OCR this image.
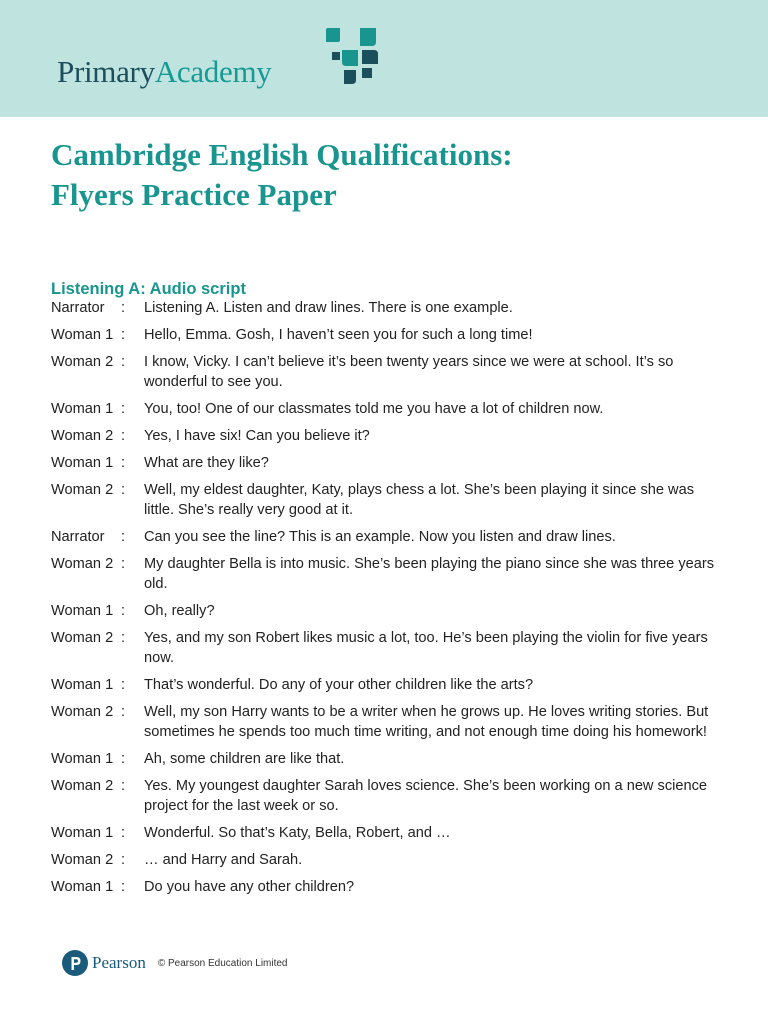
PrimaryAcademy
Cambridge English Qualifications:
Flyers Practice Paper
Listening A: Audio script
Narrator	:	Listening A. Listen and draw lines. There is one example.
Woman 1 :	Hello, Emma. Gosh, I haven’t seen you for such a long time!
Woman 2 :	I know, Vicky. I can’t believe it’s been twenty years since we were at school. It’s so wonderful to see you.
Woman 1 :	You, too! One of our classmates told me you have a lot of children now.
Woman 2 :	Yes, I have six! Can you believe it?
Woman 1 :	What are they like?
Woman 2 :	Well, my eldest daughter, Katy, plays chess a lot. She’s been playing it since she was little. She’s really very good at it.
Narrator	:	Can you see the line? This is an example. Now you listen and draw lines.
Woman 2 :	My daughter Bella is into music. She’s been playing the piano since she was three years old.
Woman 1 :	Oh, really?
Woman 2 :	Yes, and my son Robert likes music a lot, too. He’s been playing the violin for five years now.
Woman 1 :	That’s wonderful. Do any of your other children like the arts?
Woman 2 :	Well, my son Harry wants to be a writer when he grows up. He loves writing stories. But sometimes he spends too much time writing, and not enough time doing his homework!
Woman 1 :	Ah, some children are like that.
Woman 2 :	Yes. My youngest daughter Sarah loves science. She’s been working on a new science project for the last week or so.
Woman 1 :	Wonderful. So that’s Katy, Bella, Robert, and …
Woman 2 :	… and Harry and Sarah.
Woman 1 :	Do you have any other children?
Pearson © Pearson Education Limited
